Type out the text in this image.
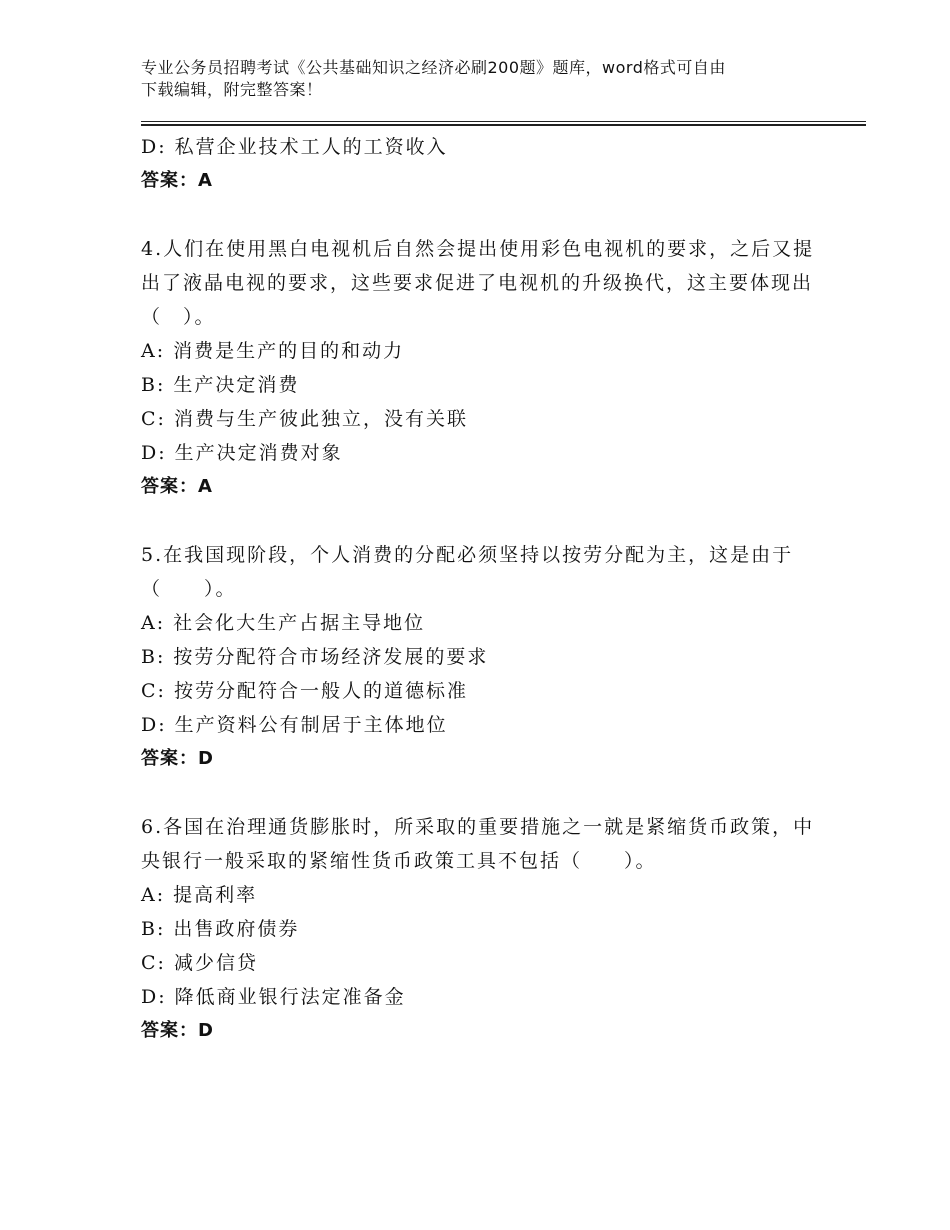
专业公务员招聘考试《公共基础知识之经济必刷200题》题库，word格式可自由
下载编辑，附完整答案！
D: 私营企业技术工人的工资收入
答案：A
4.人们在使用黑白电视机后自然会提出使用彩色电视机的要求，之后又提出了液晶电视的要求，这些要求促进了电视机的升级换代，这主要体现出（　）。
A: 消费是生产的目的和动力
B: 生产决定消费
C: 消费与生产彼此独立，没有关联
D: 生产决定消费对象
答案：A
5.在我国现阶段，个人消费的分配必须坚持以按劳分配为主，这是由于（　　）。
A: 社会化大生产占据主导地位
B: 按劳分配符合市场经济发展的要求
C: 按劳分配符合一般人的道德标准
D: 生产资料公有制居于主体地位
答案：D
6.各国在治理通货膨胀时，所采取的重要措施之一就是紧缩货币政策，中央银行一般采取的紧缩性货币政策工具不包括（　　）。
A: 提高利率
B: 出售政府债券
C: 减少信贷
D: 降低商业银行法定准备金
答案：D
